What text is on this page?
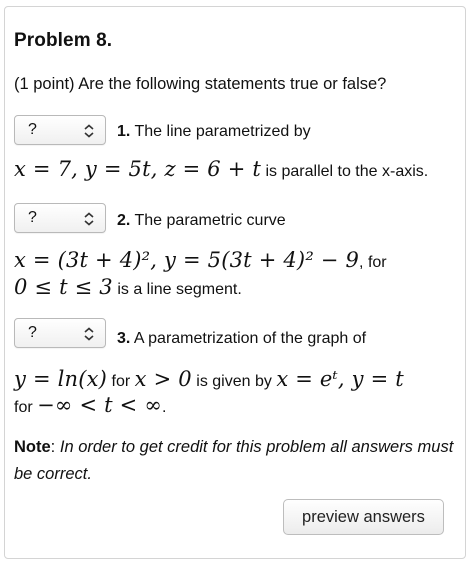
Problem 8.
(1 point) Are the following statements true or false?
?	1. The line parametrized by
x = 7, y = 5t, z = 6 + t is parallel to the x-axis.
?	2. The parametric curve
x = (3t + 4)², y = 5(3t + 4)² − 9, for
0 ≤ t ≤ 3 is a line segment.
?	3. A parametrization of the graph of
y = ln(x) for x > 0 is given by x = eᵗ, y = t
for −∞ < t < ∞.
Note: In order to get credit for this problem all answers must be correct.
preview answers
